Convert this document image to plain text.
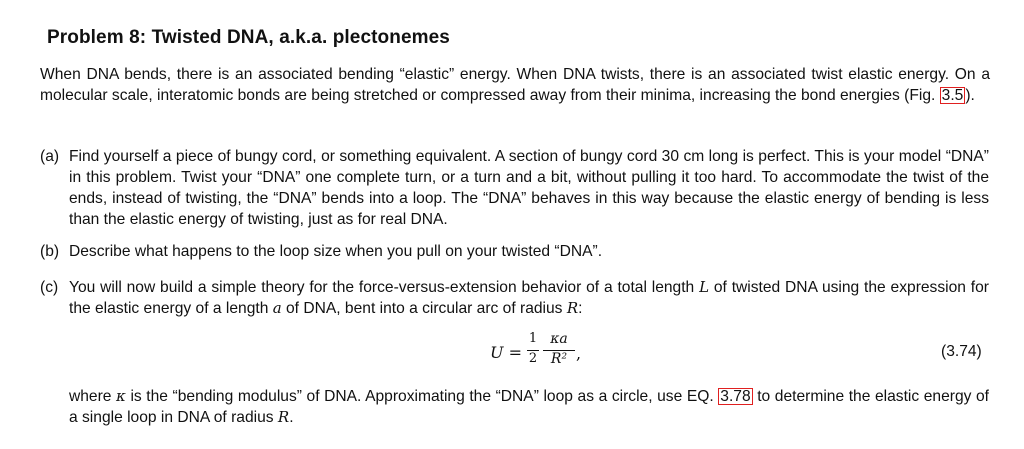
Problem 8: Twisted DNA, a.k.a. plectonemes
When DNA bends, there is an associated bending “elastic” energy. When DNA twists, there is an associated twist elastic energy. On a molecular scale, interatomic bonds are being stretched or compressed away from their minima, increasing the bond energies (Fig. 3.5 ).
(a) Find yourself a piece of bungy cord, or something equivalent. A section of bungy cord 30 cm long is perfect. This is your model “DNA” in this problem. Twist your “DNA” one complete turn, or a turn and a bit, without pulling it too hard. To accommodate the twist of the ends, instead of twisting, the “DNA” bends into a loop. The “DNA” behaves in this way because the elastic energy of bending is less than the elastic energy of twisting, just as for real DNA.
(b) Describe what happens to the loop size when you pull on your twisted “DNA”.
(c) You will now build a simple theory for the force-versus-extension behavior of a total length L of twisted DNA using the expression for the elastic energy of a length a of DNA, bent into a circular arc of radius R:
U =
1
2
κa
R² ,	(3.74)
where κ is the “bending modulus” of DNA. Approximating the “DNA” loop as a circle, use EQ. 3.78 to determine the elastic energy of a single loop in DNA of radius R.
